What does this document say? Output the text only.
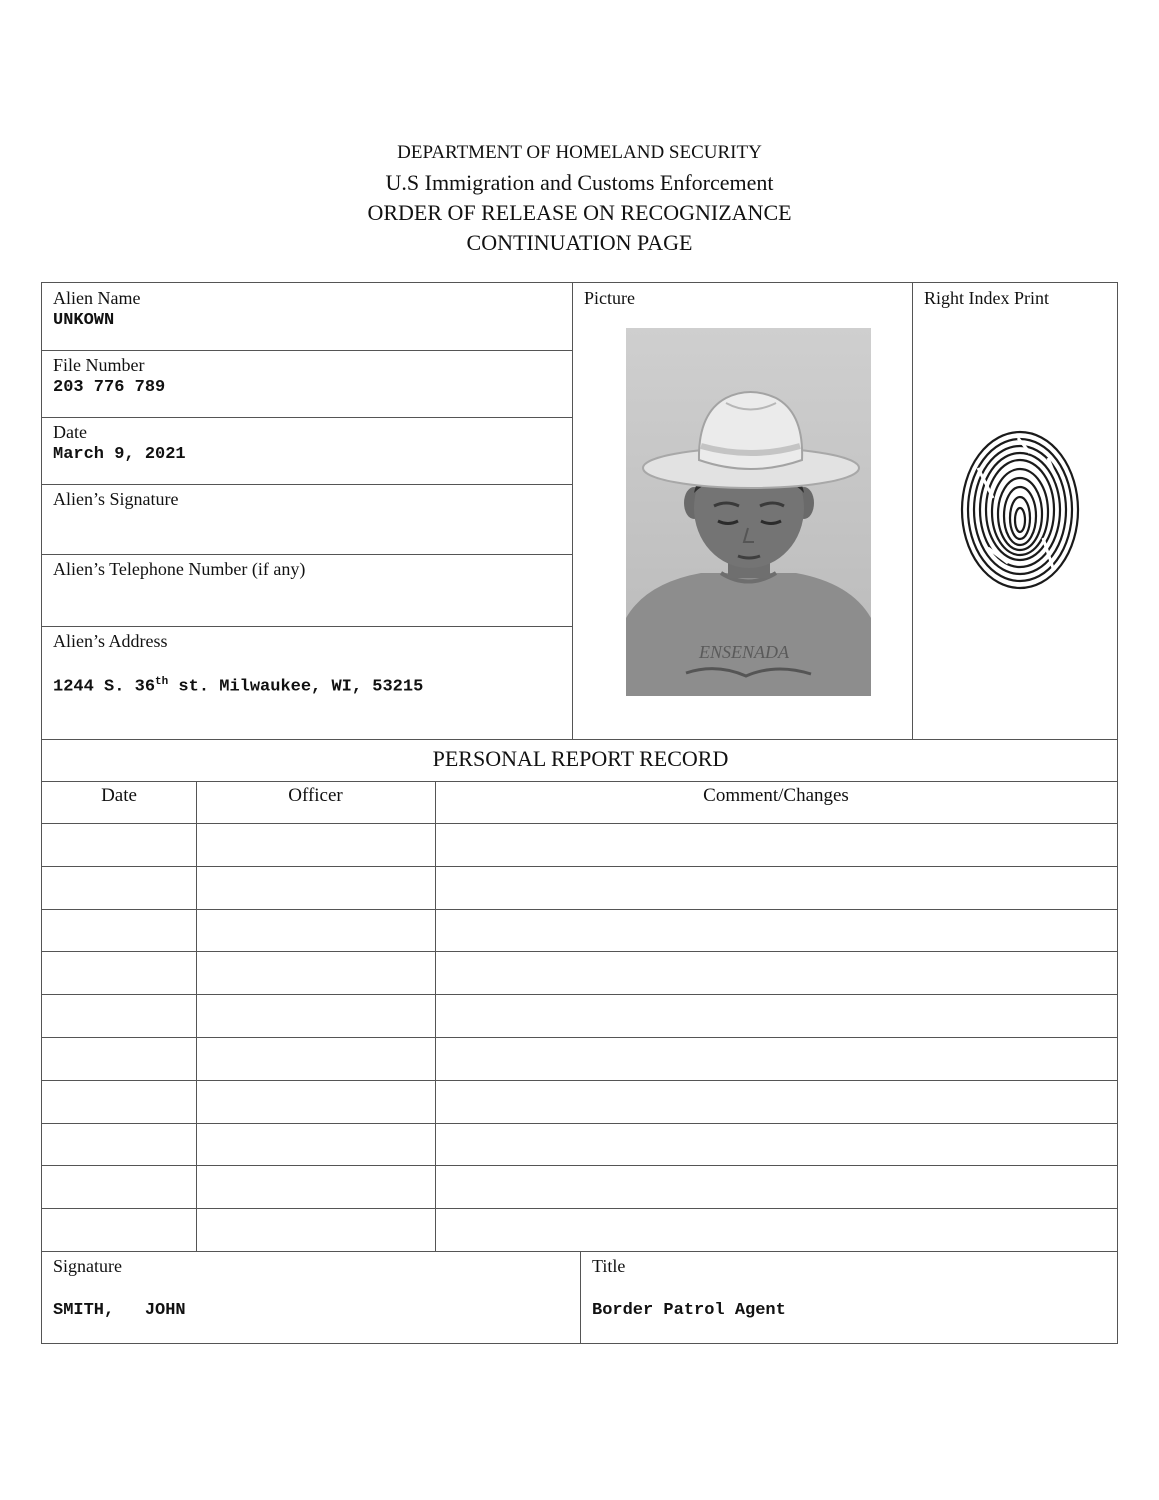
DEPARTMENT OF HOMELAND SECURITY
U.S Immigration and Customs Enforcement
ORDER OF RELEASE ON RECOGNIZANCE
CONTINUATION PAGE
Alien Name
UNKOWN
File Number
203 776 789
Date
March 9, 2021
Alien’s Signature
Alien’s Telephone Number (if any)
Alien’s Address
1244 S. 36th st. Milwaukee, WI, 53215
Picture
ENSENADA
Right Index Print
PERSONAL REPORT RECORD
Date	Officer	Comment/Changes
Signature
SMITH,   JOHN
Title
Border Patrol Agent
